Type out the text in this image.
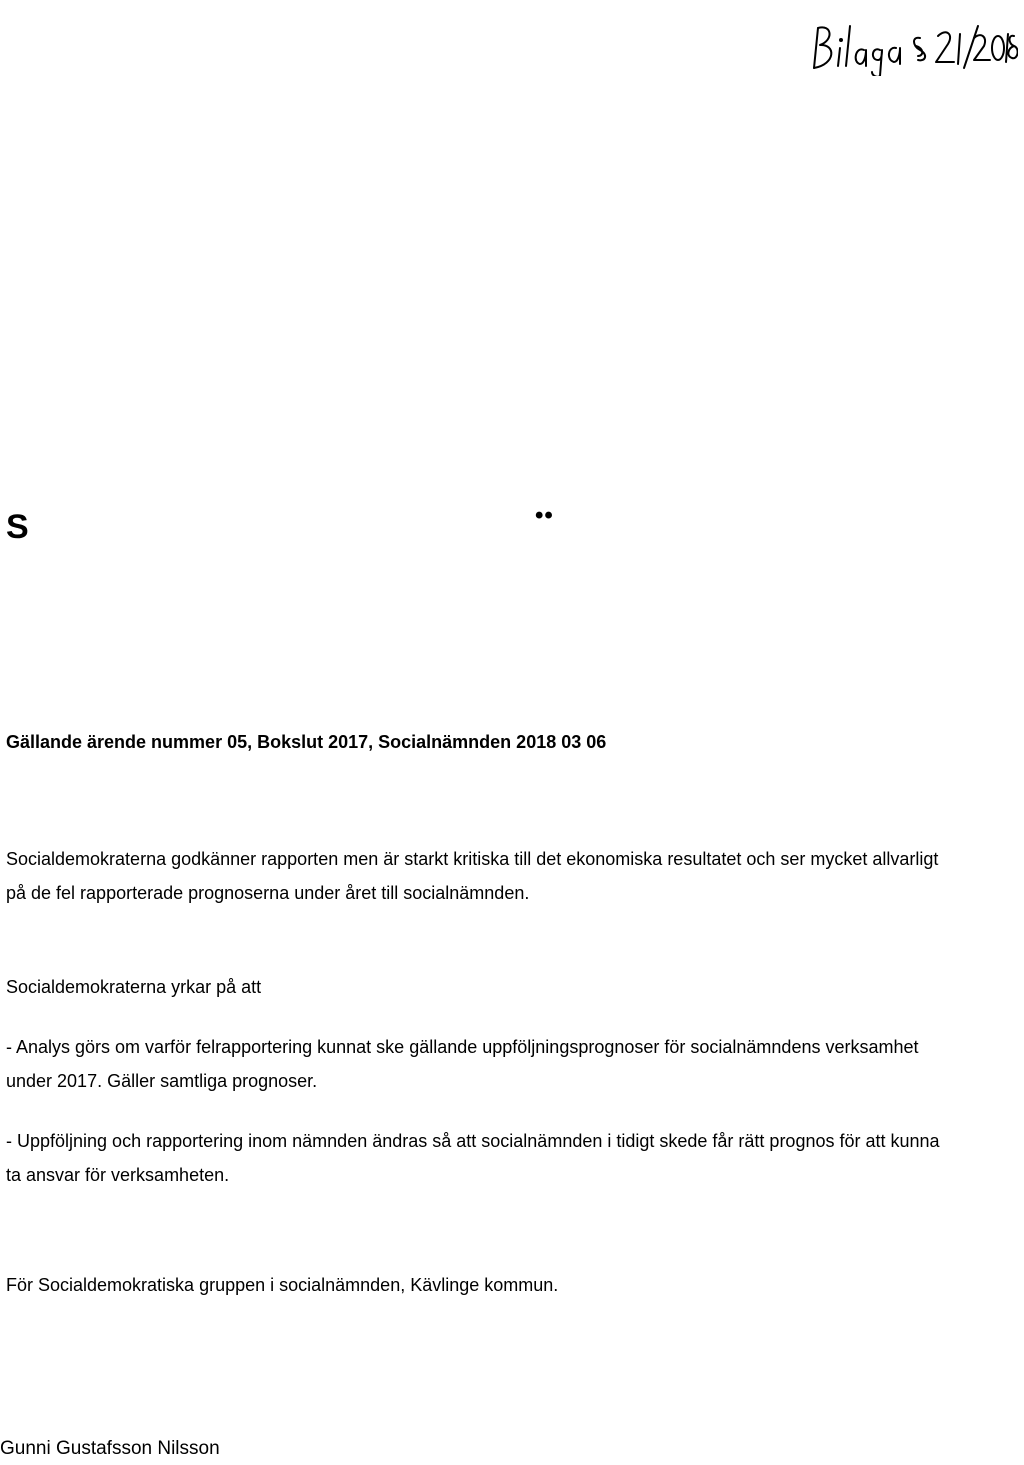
S	••
Gällande ärende nummer 05, Bokslut 2017, Socialnämnden 2018 03 06

Socialdemokraterna godkänner rapporten men är starkt kritiska till det ekonomiska resultatet och ser mycket allvarligt på de fel rapporterade prognoserna under året till socialnämnden.

Socialdemokraterna yrkar på att

- Analys görs om varför felrapportering kunnat ske gällande uppföljningsprognoser för socialnämndens verksamhet under 2017. Gäller samtliga prognoser.

- Uppföljning och rapportering inom nämnden ändras så att socialnämnden i tidigt skede får rätt prognos för att kunna ta ansvar för verksamheten.

För Socialdemokratiska gruppen i socialnämnden, Kävlinge kommun.

Gunni Gustafsson Nilsson
